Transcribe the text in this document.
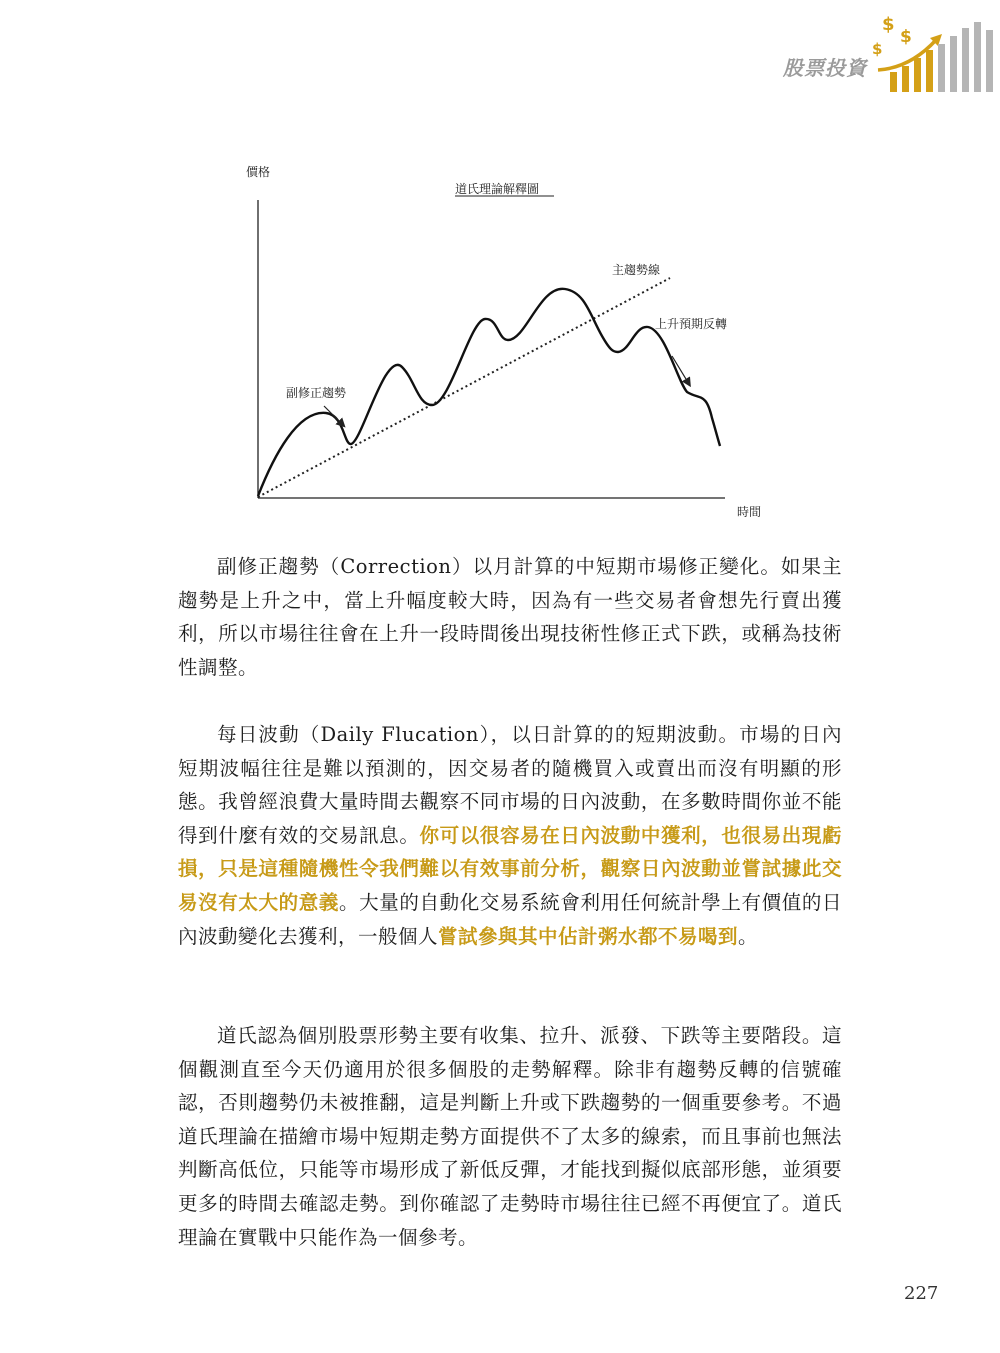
股票投資
$
$
$
價格
道氏理論解釋圖
時間
主趨勢線
副修正趨勢
上升預期反轉

副修正趨勢（Correction）以月計算的中短期市場修正變化。如果主趨勢是上升之中，當上升幅度較大時，因為有一些交易者會想先行賣出獲利，所以市場往往會在上升一段時間後出現技術性修正式下跌，或稱為技術性調整。

每日波動（Daily Flucation），以日計算的的短期波動。市場的日內短期波幅往往是難以預測的，因交易者的隨機買入或賣出而沒有明顯的形態。我曾經浪費大量時間去觀察不同市場的日內波動，在多數時間你並不能得到什麼有效的交易訊息。你可以很容易在日內波動中獲利，也很易出現虧損，只是這種隨機性令我們難以有效事前分析，觀察日內波動並嘗試據此交易沒有太大的意義。大量的自動化交易系統會利用任何統計學上有價值的日內波動變化去獲利，一般個人嘗試參與其中佔計粥水都不易喝到。

道氏認為個別股票形勢主要有收集、拉升、派發、下跌等主要階段。這個觀測直至今天仍適用於很多個股的走勢解釋。除非有趨勢反轉的信號確認，否則趨勢仍未被推翻，這是判斷上升或下跌趨勢的一個重要參考。不過道氏理論在描繪市場中短期走勢方面提供不了太多的線索，而且事前也無法判斷高低位，只能等市場形成了新低反彈，才能找到擬似底部形態，並須要更多的時間去確認走勢。到你確認了走勢時市場往往已經不再便宜了。道氏理論在實戰中只能作為一個參考。

227
